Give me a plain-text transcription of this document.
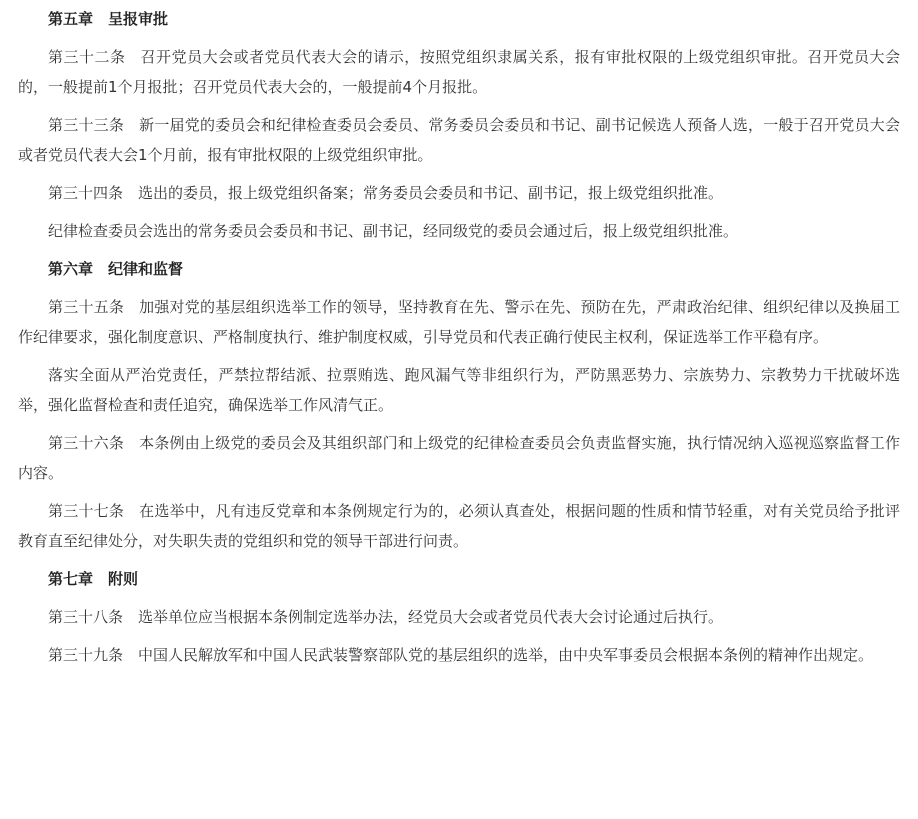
第五章　呈报审批

第三十二条 召开党员大会或者党员代表大会的请示，按照党组织隶属关系，报有审批权限的上级党组织审批。召开党员大会的，一般提前1个月报批；召开党员代表大会的，一般提前4个月报批。

第三十三条 新一届党的委员会和纪律检查委员会委员、常务委员会委员和书记、副书记候选人预备人选，一般于召开党员大会或者党员代表大会1个月前，报有审批权限的上级党组织审批。

第三十四条 选出的委员，报上级党组织备案；常务委员会委员和书记、副书记，报上级党组织批准。

纪律检查委员会选出的常务委员会委员和书记、副书记，经同级党的委员会通过后，报上级党组织批准。

第六章　纪律和监督

第三十五条 加强对党的基层组织选举工作的领导，坚持教育在先、警示在先、预防在先，严肃政治纪律、组织纪律以及换届工作纪律要求，强化制度意识、严格制度执行、维护制度权威，引导党员和代表正确行使民主权利，保证选举工作平稳有序。

落实全面从严治党责任，严禁拉帮结派、拉票贿选、跑风漏气等非组织行为，严防黑恶势力、宗族势力、宗教势力干扰破坏选举，强化监督检查和责任追究，确保选举工作风清气正。

第三十六条 本条例由上级党的委员会及其组织部门和上级党的纪律检查委员会负责监督实施，执行情况纳入巡视巡察监督工作内容。

第三十七条 在选举中，凡有违反党章和本条例规定行为的，必须认真查处，根据问题的性质和情节轻重，对有关党员给予批评教育直至纪律处分，对失职失责的党组织和党的领导干部进行问责。

第七章　附则

第三十八条 选举单位应当根据本条例制定选举办法，经党员大会或者党员代表大会讨论通过后执行。

第三十九条 中国人民解放军和中国人民武装警察部队党的基层组织的选举，由中央军事委员会根据本条例的精神作出规定。
